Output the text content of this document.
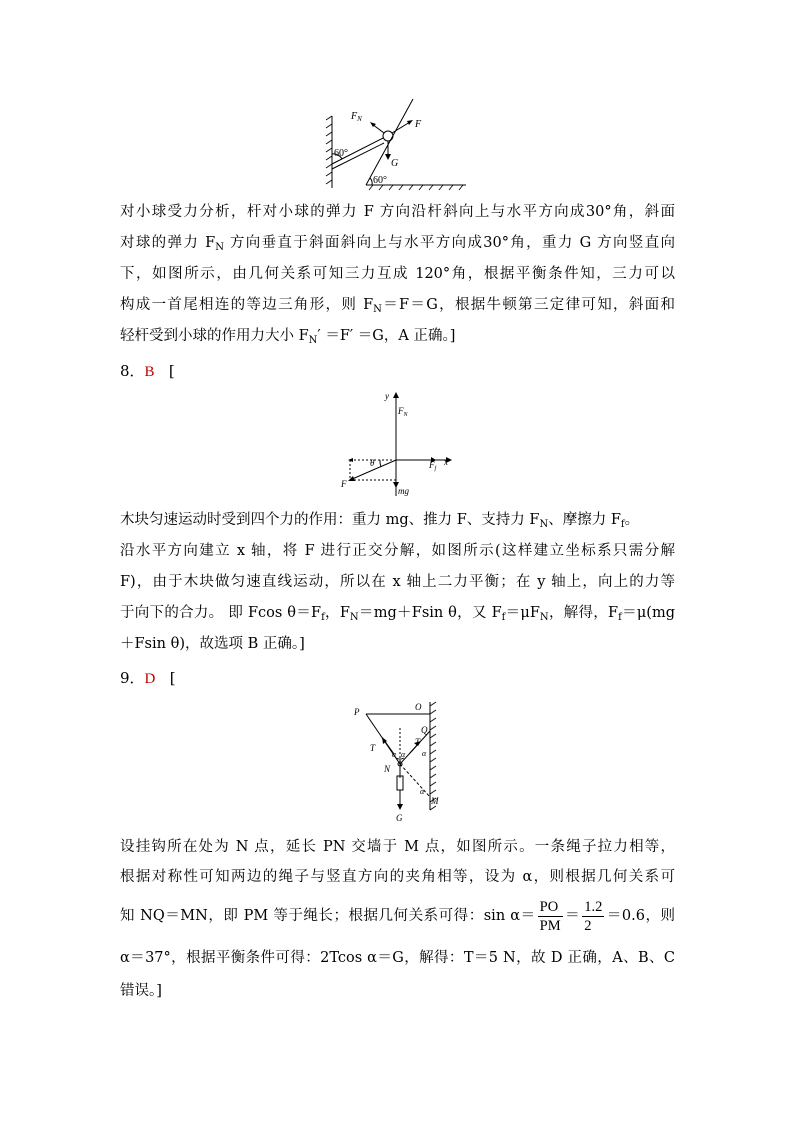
$F_N$	F
G
60°
60°
对小球受力分析，杆对小球的弹力 F 方向沿杆斜向上与水平方向成30°角，斜面
对球的弹力 $F_N$ 方向垂直于斜面斜向上与水平方向成30°角，重力 G 方向竖直向
下，如图所示，由几何关系可知三力互成 120°角，根据平衡条件知，三力可以
构成一首尾相连的等边三角形，则 $F_N=F=G$，根据牛顿第三定律可知，斜面和
轻杆受到小球的作用力大小 $F_N' =F' =G$，A 正确。]
8．B [
y
$F_N$
$F_f$
x
θ
F
mg
木块匀速运动时受到四个力的作用：重力 mg、推力 F、支持力 $F_N$、摩擦力 $F_f$。
沿水平方向建立 x 轴，将 F 进行正交分解，如图所示(这样建立坐标系只需分解
F)，由于木块做匀速直线运动，所以在 x 轴上二力平衡；在 y 轴上，向上的力等
于向下的合力。 即 Fcos $\theta=F_f$，$F_N=mg+Fsin$ θ，又 $F_f=\mu F_N$，解得，$F_f=\mu(mg$
＋Fsin θ)，故选项 B 正确。]
9．D [
P	O
Q
T
T
α α α
α
N
M
G
设挂钩所在处为 N 点，延长 PN 交墙于 M 点，如图所示。一条绳子拉力相等，
根据对称性可知两边的绳子与竖直方向的夹角相等，设为 α，则根据几何关系可
知 NQ＝MN，即 PM 等于绳长；根据几何关系可得：$\sin \alpha= \frac{PO}{PM} = \frac{1.2}{2} =0.6$，则
α＝37°，根据平衡条件可得：2Tcos α＝G，解得：T＝5 N，故 D 正确，A、B、C
错误。]
